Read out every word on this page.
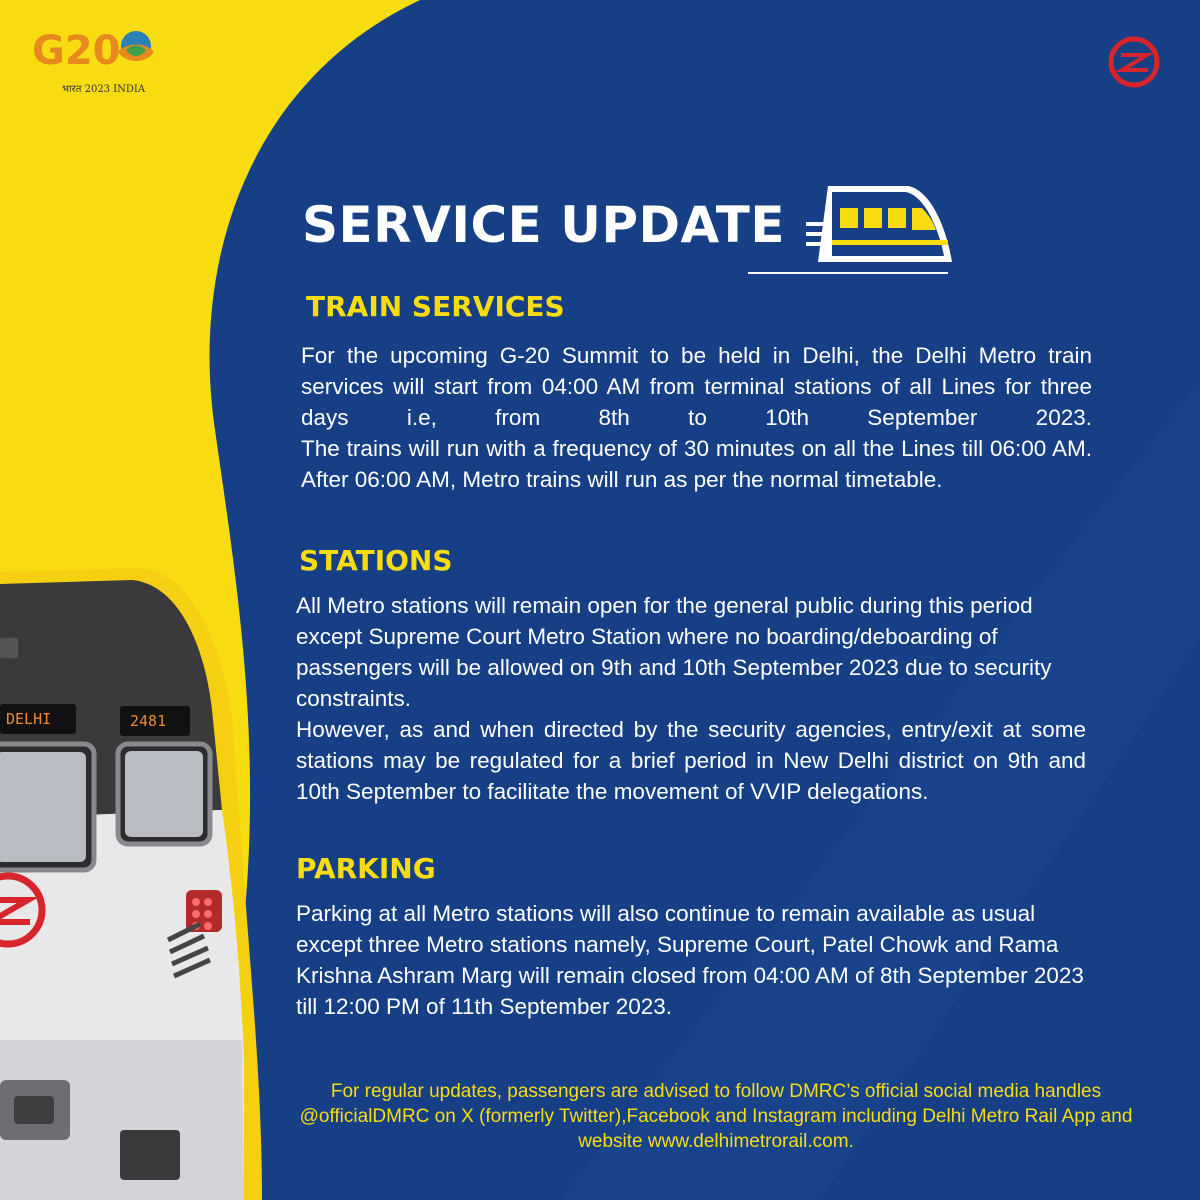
DELHI	2481
G20
भारत 2023 INDIA
SERVICE UPDATE
TRAIN SERVICES

For the upcoming G-20 Summit to be held in Delhi, the Delhi Metro train services will start from 04:00 AM from terminal stations of all Lines for three days i.e, from 8th to 10th September 2023.

The trains will run with a frequency of 30 minutes on all the Lines till 06:00 AM. After 06:00 AM, Metro trains will run as per the normal timetable.

STATIONS

All Metro stations will remain open for the general public during this period except Supreme Court Metro Station where no boarding/deboarding of passengers will be allowed on 9th and 10th September 2023 due to security constraints.

However, as and when directed by the security agencies, entry/exit at some stations may be regulated for a brief period in New Delhi district on 9th and 10th September to facilitate the movement of VVIP delegations.

PARKING

Parking at all Metro stations will also continue to remain available as usual except three Metro stations namely, Supreme Court, Patel Chowk and Rama Krishna Ashram Marg will remain closed from 04:00 AM of 8th September 2023 till 12:00 PM of 11th September 2023.

For regular updates, passengers are advised to follow DMRC’s official social media handles @officialDMRC on X (formerly Twitter),Facebook and Instagram including Delhi Metro Rail App and website www.delhimetrorail.com.
